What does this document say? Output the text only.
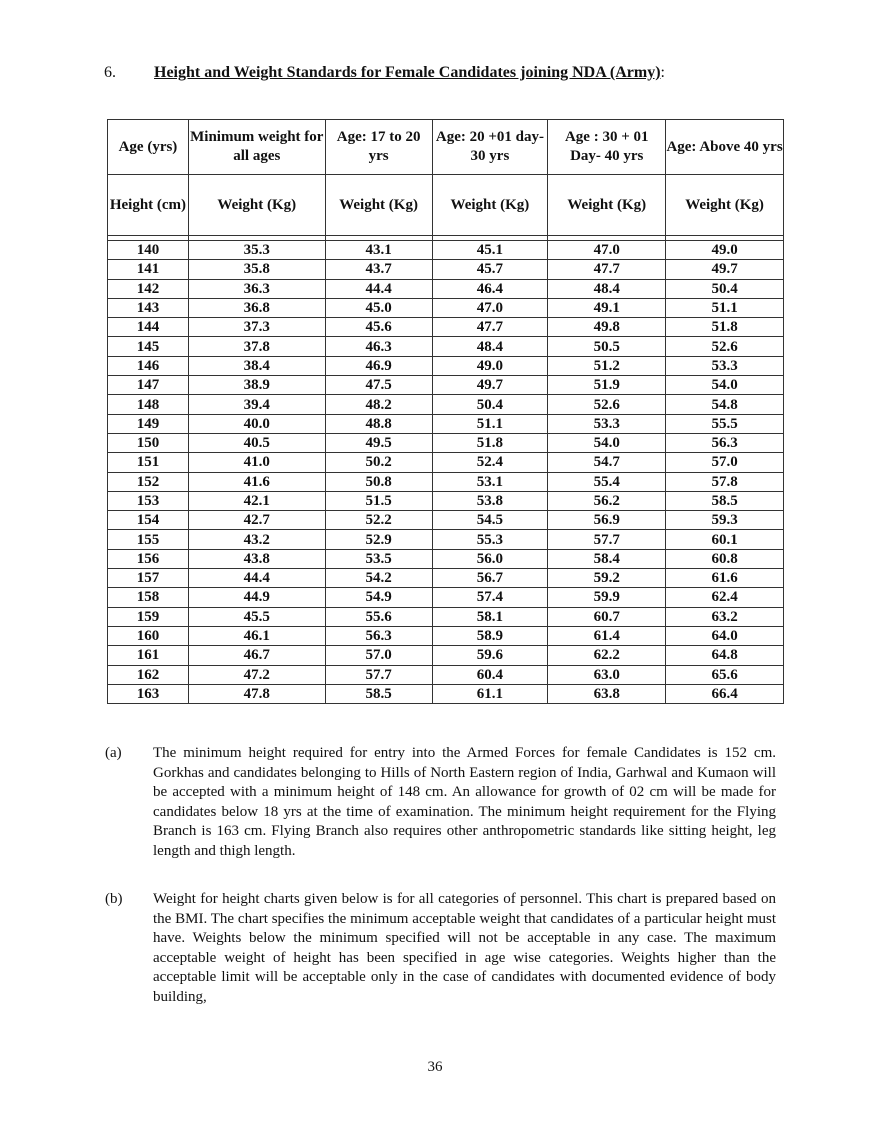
6. Height and Weight Standards for Female Candidates joining NDA (Army):
Age (yrs)	Minimum weight for all ages	Age: 17 to 20 yrs	Age: 20 +01 day-30 yrs	Age : 30 + 01 Day- 40 yrs	Age: Above 40 yrs
Height (cm)	Weight (Kg)	Weight (Kg)	Weight (Kg)	Weight (Kg)	Weight (Kg)

140	35.3	43.1	45.1	47.0	49.0
141	35.8	43.7	45.7	47.7	49.7
142	36.3	44.4	46.4	48.4	50.4
143	36.8	45.0	47.0	49.1	51.1
144	37.3	45.6	47.7	49.8	51.8
145	37.8	46.3	48.4	50.5	52.6
146	38.4	46.9	49.0	51.2	53.3
147	38.9	47.5	49.7	51.9	54.0
148	39.4	48.2	50.4	52.6	54.8
149	40.0	48.8	51.1	53.3	55.5
150	40.5	49.5	51.8	54.0	56.3
151	41.0	50.2	52.4	54.7	57.0
152	41.6	50.8	53.1	55.4	57.8
153	42.1	51.5	53.8	56.2	58.5
154	42.7	52.2	54.5	56.9	59.3
155	43.2	52.9	55.3	57.7	60.1
156	43.8	53.5	56.0	58.4	60.8
157	44.4	54.2	56.7	59.2	61.6
158	44.9	54.9	57.4	59.9	62.4
159	45.5	55.6	58.1	60.7	63.2
160	46.1	56.3	58.9	61.4	64.0
161	46.7	57.0	59.6	62.2	64.8
162	47.2	57.7	60.4	63.0	65.6
163	47.8	58.5	61.1	63.8	66.4
(a) The minimum height required for entry into the Armed Forces for female Candidates is 152 cm. Gorkhas and candidates belonging to Hills of North Eastern region of India, Garhwal and Kumaon will be accepted with a minimum height of 148 cm. An allowance for growth of 02 cm will be made for candidates below 18 yrs at the time of examination. The minimum height requirement for the Flying Branch is 163 cm. Flying Branch also requires other anthropometric standards like sitting height, leg length and thigh length.
(b) Weight for height charts given below is for all categories of personnel. This chart is prepared based on the BMI. The chart specifies the minimum acceptable weight that candidates of a particular height must have. Weights below the minimum specified will not be acceptable in any case. The maximum acceptable weight of height has been specified in age wise categories. Weights higher than the acceptable limit will be acceptable only in the case of candidates with documented evidence of body building,
36
